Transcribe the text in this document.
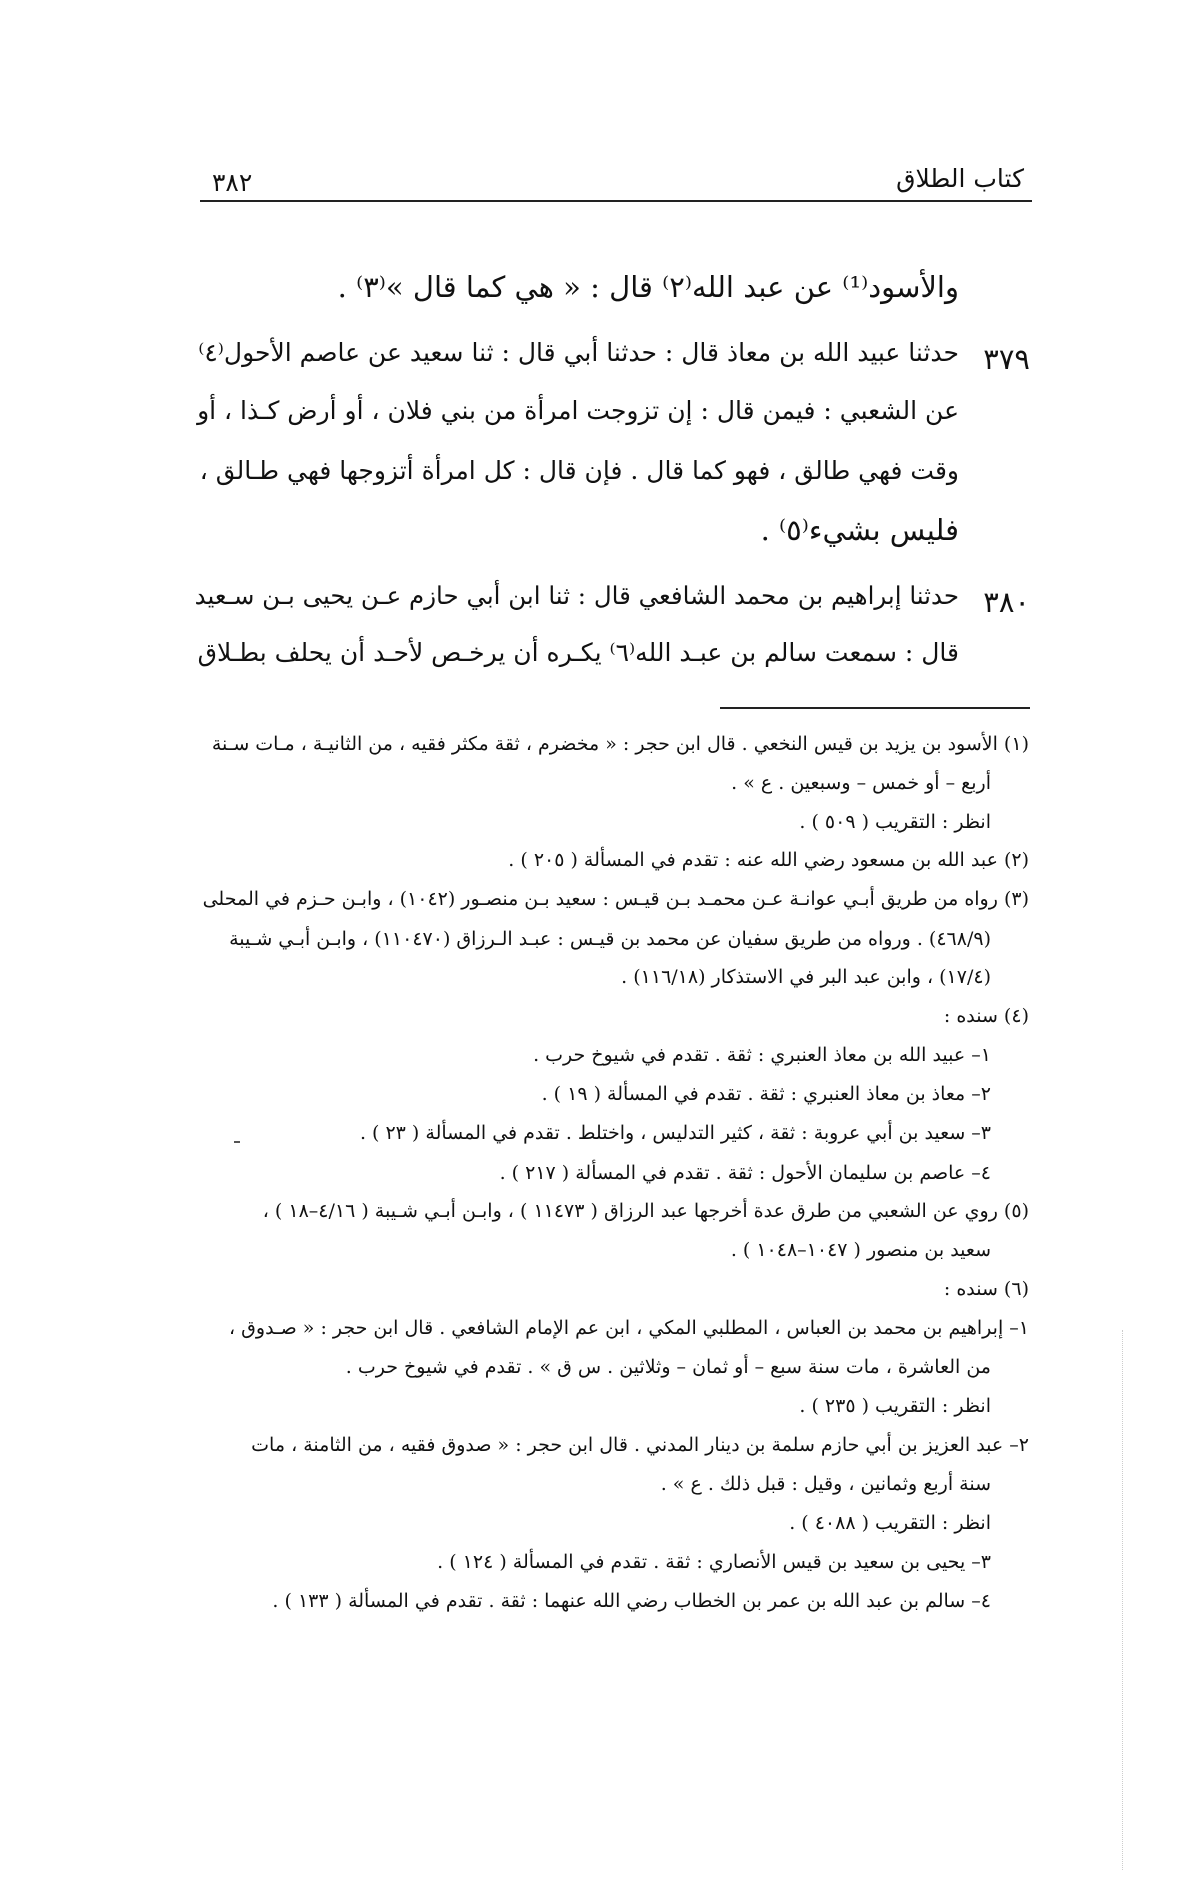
كتاب الطلاق
٣٨٢
والأسود⁽¹⁾ عن عبد الله⁽٢⁾ قال : « هي كما قال »⁽٣⁾ .
٣٧٩
حدثنا عبيد الله بن معاذ قال : حدثنا أبي قال : ثنا سعيد عن عاصم الأحول⁽٤⁾
عن الشعبي : فيمن قال : إن تزوجت امرأة من بني فلان ، أو أرض كـذا ، أو
وقت فهي طالق ، فهو كما قال . فإن قال : كل امرأة أتزوجها فهي طـالق ،
فليس بشيء⁽٥⁾ .
٣٨٠
حدثنا إبراهيم بن محمد الشافعي قال : ثنا ابن أبي حازم عـن يحيى بـن سـعيد
قال : سمعت سالم بن عبـد الله⁽٦⁾ يكـره أن يرخـص لأحـد أن يحلف بطـلاق
(١) الأسود بن يزيد بن قيس النخعي . قال ابن حجر : « مخضرم ، ثقة مكثر فقيه ، من الثانيـة ، مـات سـنة
أربع – أو خمس – وسبعين . ع » .
انظر : التقريب ( ٥٠٩ ) .
(٢) عبد الله بن مسعود رضي الله عنه : تقدم في المسألة ( ٢٠٥ ) .
(٣) رواه من طريق أبـي عوانـة عـن محمـد بـن قيـس : سعيد بـن منصـور (١٠٤٢) ، وابـن حـزم في المحلى
(٤٦٨/٩) . ورواه من طريق سفيان عن محمد بن قيـس : عبـد الـرزاق (١١٠٤٧٠) ، وابـن أبـي شـيبة
(١٧/٤) ، وابن عبد البر في الاستذكار (١١٦/١٨) .
(٤) سنده :
١– عبيد الله بن معاذ العنبري : ثقة . تقدم في شيوخ حرب .
٢– معاذ بن معاذ العنبري : ثقة . تقدم في المسألة ( ١٩ ) .
٣– سعيد بن أبي عروبة : ثقة ، كثير التدليس ، واختلط . تقدم في المسألة ( ٢٣ ) .
٤– عاصم بن سليمان الأحول : ثقة . تقدم في المسألة ( ٢١٧ ) .
(٥) روي عن الشعبي من طرق عدة أخرجها عبد الرزاق ( ١١٤٧٣ ) ، وابـن أبـي شـيبة ( ٤/١٦–١٨ ) ،
سعيد بن منصور ( ١٠٤٧–١٠٤٨ ) .
(٦) سنده :
١– إبراهيم بن محمد بن العباس ، المطلبي المكي ، ابن عم الإمام الشافعي . قال ابن حجر : « صـدوق ،
من العاشرة ، مات سنة سبع – أو ثمان – وثلاثين . س ق » . تقدم في شيوخ حرب .
انظر : التقريب ( ٢٣٥ ) .
٢– عبد العزيز بن أبي حازم سلمة بن دينار المدني . قال ابن حجر : « صدوق فقيه ، من الثامنة ، مات
سنة أربع وثمانين ، وقيل : قبل ذلك . ع » .
انظر : التقريب ( ٤٠٨٨ ) .
٣– يحيى بن سعيد بن قيس الأنصاري : ثقة . تقدم في المسألة ( ١٢٤ ) .
٤– سالم بن عبد الله بن عمر بن الخطاب رضي الله عنهما : ثقة . تقدم في المسألة ( ١٣٣ ) .
